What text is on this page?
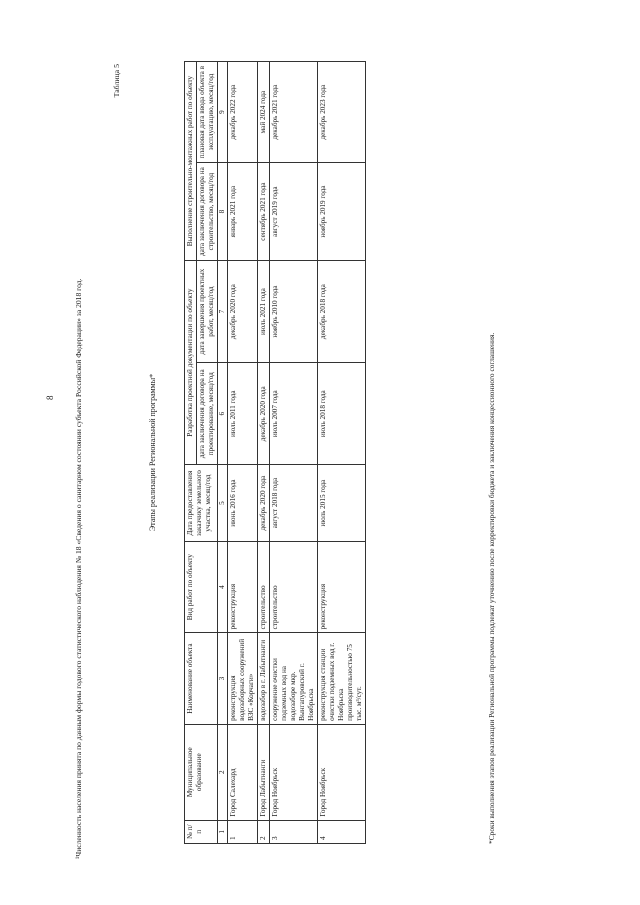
8	¹Численность населения принята по данным формы годового статистического наблюдения № 18 «Сведения о санитарном состоянии субъекта Российской Федерации» за 2018 год.
Таблица 5
Этапы реализации Региональной программы*
№ п/п	Муниципальное образование	Наименование объекта	Вид работ по объекту	Дата предоставления заказчику земельного участка, месяц/год	Разработка проектной документации по объекту		Выполнение строительно-монтажных работ по объекту	
					дата заключения договора на проектирование, месяц/год	дата завершения проектных работ, месяц/год	дата заключения договора на строительство, месяц/год	плановая дата ввода объекта в эксплуатацию, месяц/год
1	2	3	4	5	6	7	8	9
1	Город Салехард	реконструкция водозаборных сооружений ВЗС «Корчаги»	реконструкция	июнь 2016 года	июль 2011 года	декабрь 2020 года	январь 2021 года	декабрь 2022 года
2	Город Лабытнанги	водозабор в г. Лабытнанги	строительство	декабрь 2020 года	декабрь 2020 года	июль 2021 года	сентябрь 2021 года	май 2024 года
3	Город Ноябрьск	сооружение очистки подземных вод на водозаборе мкр. Вынгапуровский г. Ноябрьска	строительство	август 2018 года	июль 2007 года	ноябрь 2010 года	август 2019 года	декабрь 2021 года
4	Город Ноябрьск	реконструкция станции очистки подземных вод г. Ноябрьска производительностью 75 тыс. м³/сут.	реконструкция	июль 2015 года	июль 2018 года	декабрь 2018 года	ноябрь 2019 года	декабрь 2023 года
*Сроки выполнения этапов реализации Региональной программы подлежат уточнению после корректировки бюджета и заключения концессионного соглашения.
